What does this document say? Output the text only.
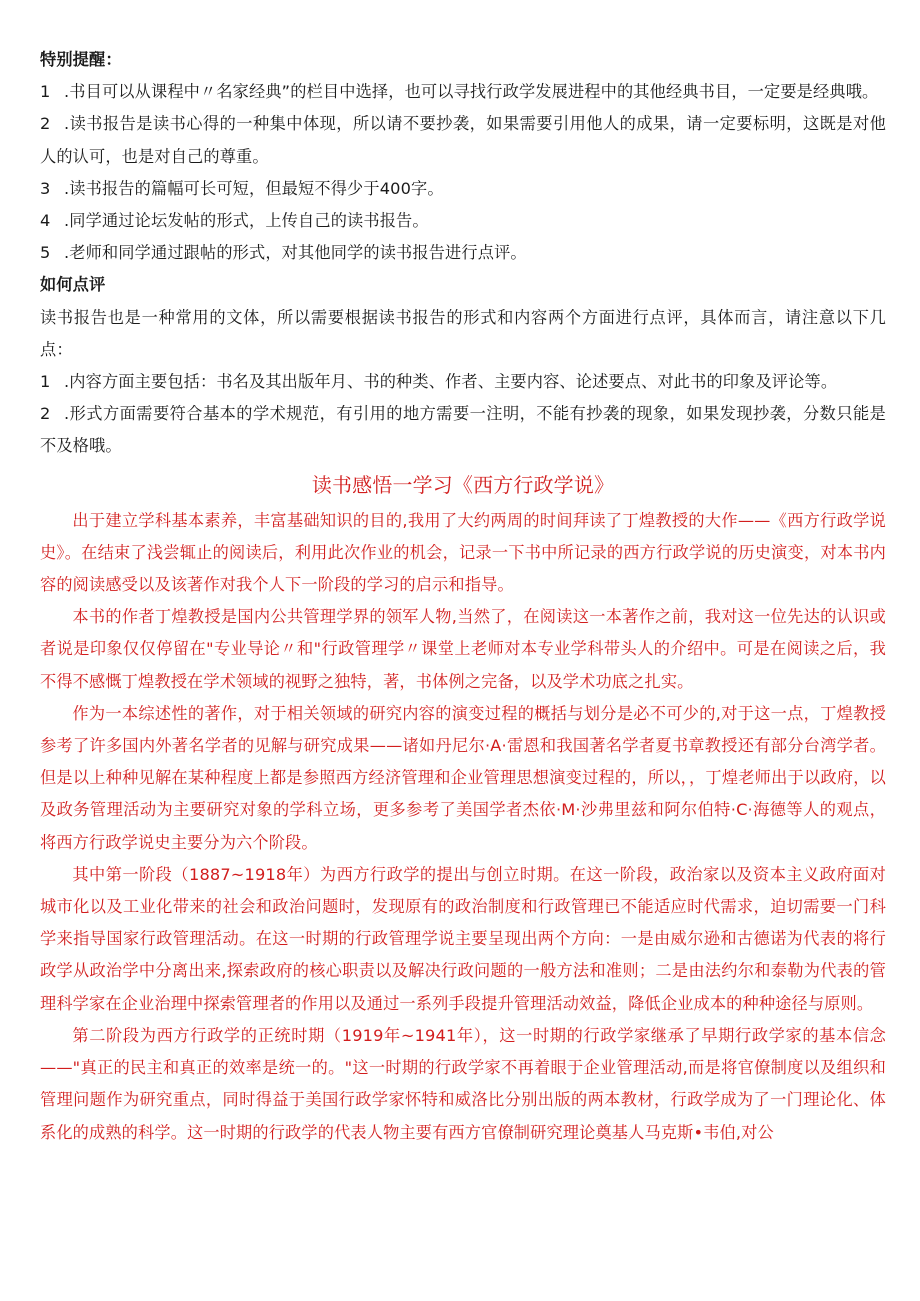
特别提醒：

1 .书目可以从课程中〃名家经典”的栏目中选择，也可以寻找行政学发展进程中的其他经典书目，一定要是经典哦。

2 .读书报告是读书心得的一种集中体现，所以请不要抄袭，如果需要引用他人的成果，请一定要标明，这既是对他人的认可，也是对自己的尊重。

3 .读书报告的篇幅可长可短，但最短不得少于400字。

4 .同学通过论坛发帖的形式，上传自己的读书报告。

5 .老师和同学通过跟帖的形式，对其他同学的读书报告进行点评。

如何点评

读书报告也是一种常用的文体，所以需要根据读书报告的形式和内容两个方面进行点评，具体而言，请注意以下几点：

1 .内容方面主要包括：书名及其出版年月、书的种类、作者、主要内容、论述要点、对此书的印象及评论等。

2 .形式方面需要符合基本的学术规范，有引用的地方需要一注明，不能有抄袭的现象，如果发现抄袭，分数只能是不及格哦。

读书感悟一学习《西方行政学说》

出于建立学科基本素养，丰富基础知识的目的,我用了大约两周的时间拜读了丁煌教授的大作——《西方行政学说史》。在结束了浅尝辄止的阅读后，利用此次作业的机会，记录一下书中所记录的西方行政学说的历史演变，对本书内容的阅读感受以及该著作对我个人下一阶段的学习的启示和指导。

本书的作者丁煌教授是国内公共管理学界的领军人物,当然了，在阅读这一本著作之前，我对这一位先达的认识或者说是印象仅仅停留在"专业导论〃和"行政管理学〃课堂上老师对本专业学科带头人的介绍中。可是在阅读之后，我不得不感慨丁煌教授在学术领域的视野之独特，著，书体例之完备，以及学术功底之扎实。

作为一本综述性的著作，对于相关领域的研究内容的演变过程的概括与划分是必不可少的,对于这一点，丁煌教授参考了许多国内外著名学者的见解与研究成果——诸如丹尼尔·A·雷恩和我国著名学者夏书章教授还有部分台湾学者。但是以上种种见解在某种程度上都是参照西方经济管理和企业管理思想演变过程的，所以，，丁煌老师出于以政府，以及政务管理活动为主要研究对象的学科立场，更多参考了美国学者杰依·M·沙弗里兹和阿尔伯特·C·海德等人的观点，将西方行政学说史主要分为六个阶段。

其中第一阶段（1887~1918年）为西方行政学的提出与创立时期。在这一阶段，政治家以及资本主义政府面对城市化以及工业化带来的社会和政治问题时，发现原有的政治制度和行政管理已不能适应时代需求，迫切需要一门科学来指导国家行政管理活动。在这一时期的行政管理学说主要呈现出两个方向：一是由威尔逊和古德诺为代表的将行政学从政治学中分离出来,探索政府的核心职责以及解决行政问题的一般方法和准则；二是由法约尔和泰勒为代表的管理科学家在企业治理中探索管理者的作用以及通过一系列手段提升管理活动效益，降低企业成本的种种途径与原则。

第二阶段为西方行政学的正统时期（1919年~1941年），这一时期的行政学家继承了早期行政学家的基本信念——"真正的民主和真正的效率是统一的。"这一时期的行政学家不再着眼于企业管理活动,而是将官僚制度以及组织和管理问题作为研究重点，同时得益于美国行政学家怀特和威洛比分别出版的两本教材，行政学成为了一门理论化、体系化的成熟的科学。这一时期的行政学的代表人物主要有西方官僚制研究理论奠基人马克斯•韦伯,对公
